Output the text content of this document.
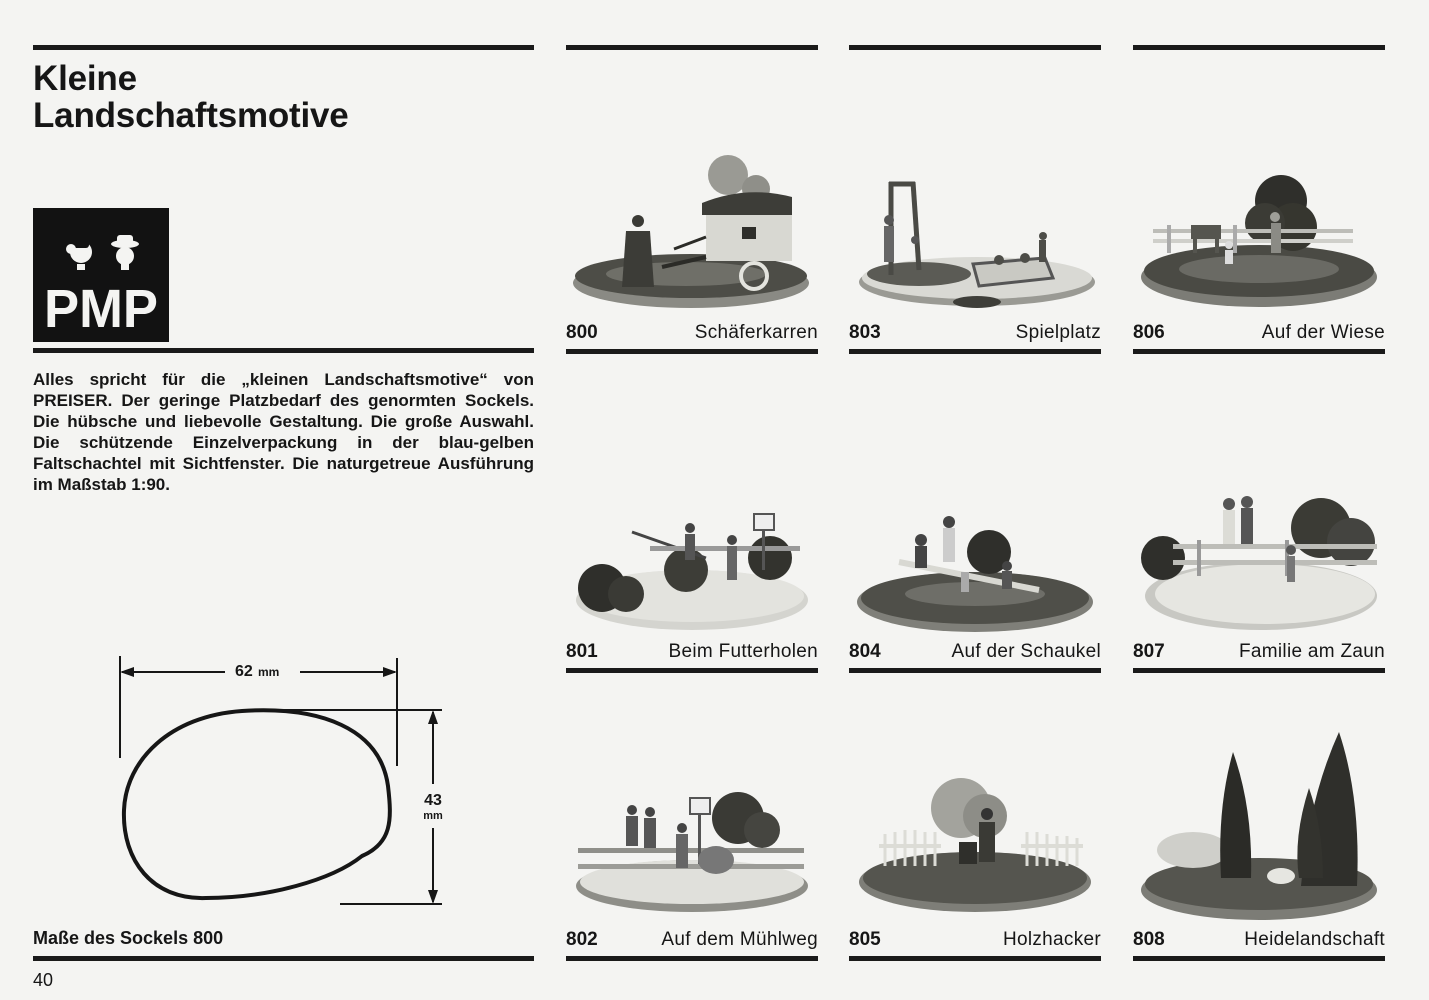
Kleine
Landschaftsmotive
PMP

Alles spricht für die „kleinen Landschaftsmotive“ von PREISER. Der geringe Platzbedarf des genormten Sockels. Die hübsche und liebevolle Gestaltung. Die große Auswahl. Die schützende Einzelverpackung in der blau-gelben Faltschachtel mit Sichtfenster. Die naturgetreue Ausführung im Maßstab 1:90.

800	Schäferkarren 803	Spielplatz 806	Auf der Wiese
801	Beim Futterholen 804	Auf der Schaukel 807	Familie am Zaun
802	Auf dem Mühlweg 805	Holzhacker 808	Heidelandschaft
62 mm
43
mm

Maße des Sockels 800

40
